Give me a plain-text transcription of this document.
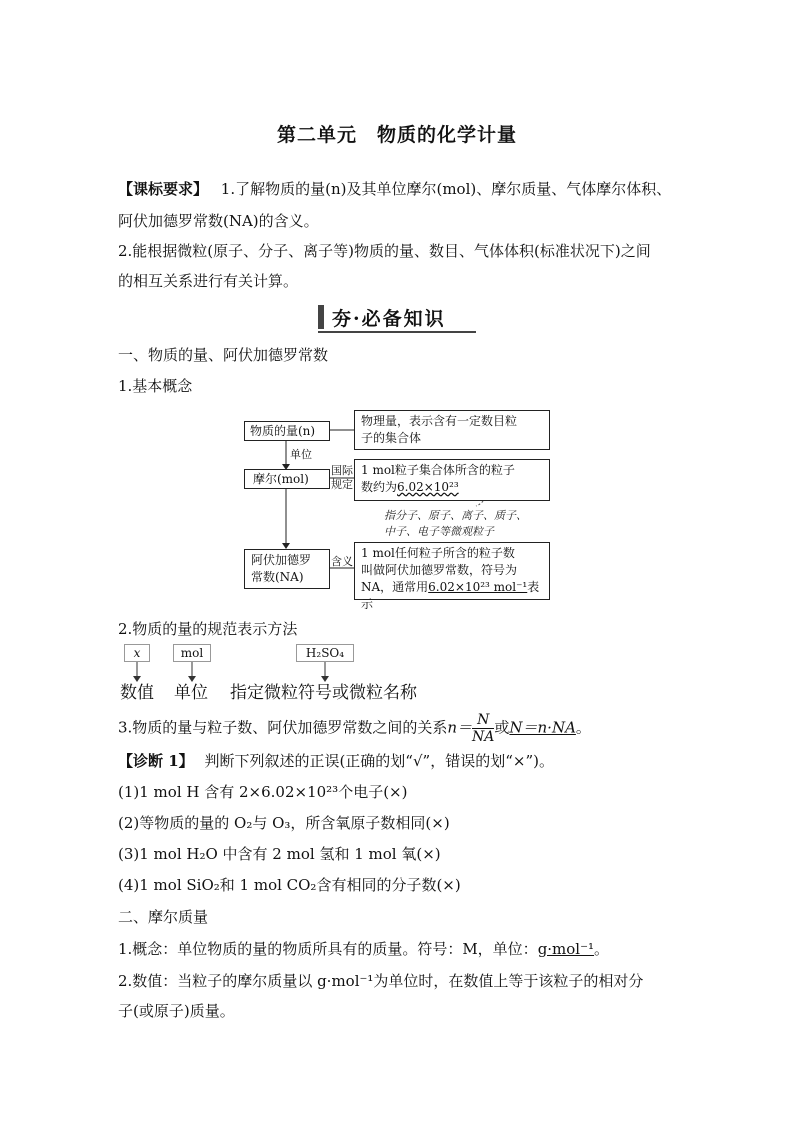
第二单元　物质的化学计量
【课标要求】 1.了解物质的量(n)及其单位摩尔(mol)、摩尔质量、气体摩尔体积、
阿伏加德罗常数(NA)的含义。
2.能根据微粒(原子、分子、离子等)物质的量、数目、气体体积(标准状况下)之间
的相互关系进行有关计算。
夯·必备知识
一、物质的量、阿伏加德罗常数
1.基本概念
物质的量(n)
物理量，表示含有一定数目粒
子的集合体
单位
摩尔(mol)
国际
规定
1 mol粒子集合体所含的粒子
数约为6.02×10²³
指分子、原子、离子、质子、
中子、电子等微观粒子
阿伏加德罗
常数(NA)
含义
1 mol任何粒子所含的粒子数
叫做阿伏加德罗常数，符号为
NA，通常用6.02×10²³ mol⁻¹表示
2.物质的量的规范表示方法
x	mol	H₂SO₄
数值 单位 指定微粒符号或微粒名称
3.物质的量与粒子数、阿伏加德罗常数之间的关系$n= \frac{N}{NA}$ 或N＝n·NA。
【诊断 1】 判断下列叙述的正误(正确的划“√”，错误的划“×”)。
(1)1 mol H 含有 2×6.02×10²³个电子(×)
(2)等物质的量的 O₂与 O₃，所含氧原子数相同(×)
(3)1 mol H₂O 中含有 2 mol 氢和 1 mol 氧(×)
(4)1 mol SiO₂和 1 mol CO₂含有相同的分子数(×)
二、摩尔质量
1.概念：单位物质的量的物质所具有的质量。符号：M，单位：g·mol⁻¹。
2.数值：当粒子的摩尔质量以 g·mol⁻¹为单位时，在数值上等于该粒子的相对分
子(或原子)质量。
